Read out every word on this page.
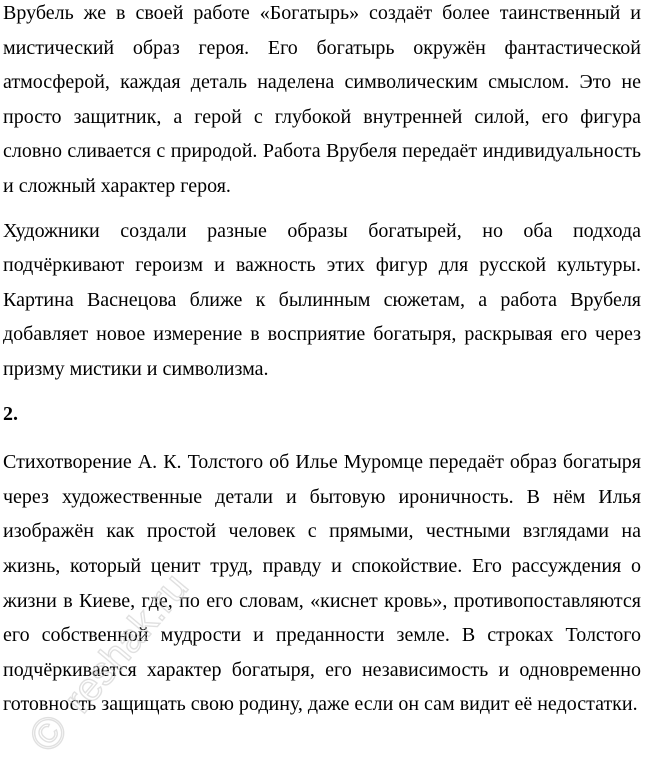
Врубель же в своей работе «Богатырь» создаёт более таинственный и мистический образ героя. Его богатырь окружён фантастической атмосферой, каждая деталь наделена символическим смыслом. Это не просто защитник, а герой с глубокой внутренней силой, его фигура словно сливается с природой. Работа Врубеля передаёт индивидуальность и сложный характер героя.

Художники создали разные образы богатырей, но оба подхода подчёркивают героизм и важность этих фигур для русской культуры. Картина Васнецова ближе к былинным сюжетам, а работа Врубеля добавляет новое измерение в восприятие богатыря, раскрывая его через призму мистики и символизма.

2.

Стихотворение А. К. Толстого об Илье Муромце передаёт образ богатыря через художественные детали и бытовую ироничность. В нём Илья изображён как простой человек с прямыми, честными взглядами на жизнь, который ценит труд, правду и спокойствие. Его рассуждения о жизни в Киеве, где, по его словам, «киснет кровь», противопоставляются его собственной мудрости и преданности земле. В строках Толстого подчёркивается характер богатыря, его независимость и одновременно готовность защищать свою родину, даже если он сам видит её недостатки.

©
reshak.ru
